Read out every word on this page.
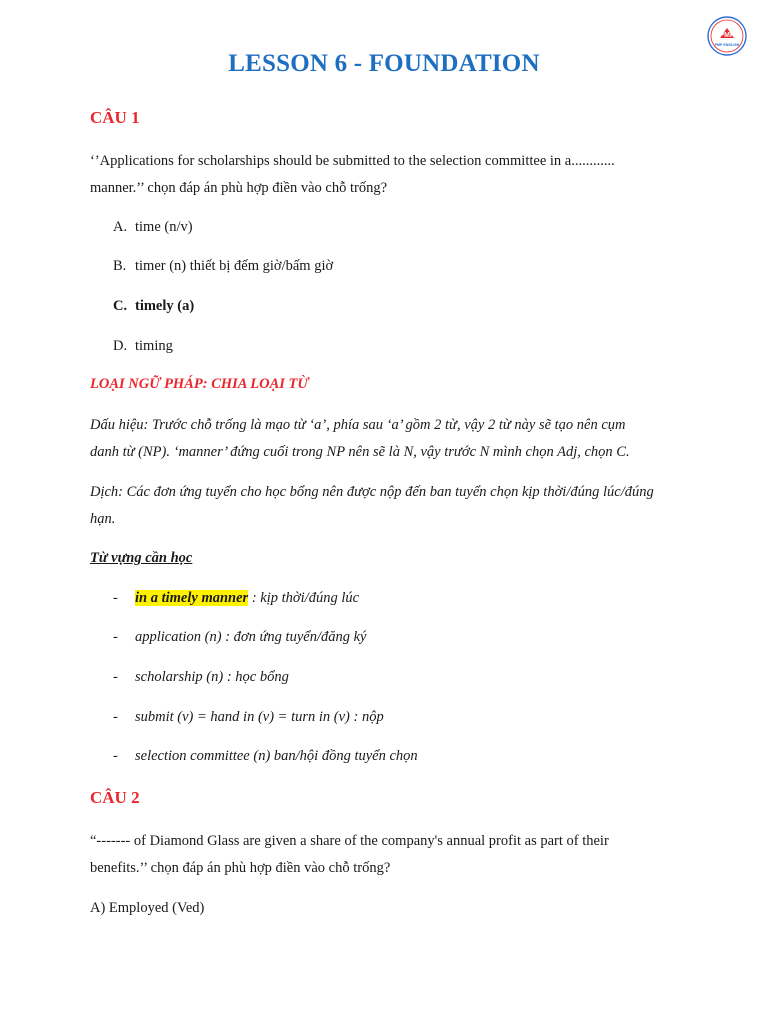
PMP
PMP ENGLISH
LESSON 6 - FOUNDATION
CÂU 1
‘’Applications for scholarships should be submitted to the selection committee in a............
manner.’’ chọn đáp án phù hợp điền vào chỗ trống?
A. time (n/v)
B. timer (n) thiết bị đếm giờ/bấm giờ
C. timely (a)
D. timing
LOẠI NGỮ PHÁP: CHIA LOẠI TỪ
Dấu hiệu: Trước chỗ trống là mạo từ ‘a’, phía sau ‘a’ gồm 2 từ, vậy 2 từ này sẽ tạo nên cụm
danh từ (NP). ‘manner’ đứng cuối trong NP nên sẽ là N, vậy trước N mình chọn Adj, chọn C.
Dịch: Các đơn ứng tuyển cho học bổng nên được nộp đến ban tuyển chọn kịp thời/đúng lúc/đúng
hạn.
Từ vựng cần học
- in a timely manner : kịp thời/đúng lúc
- application (n) : đơn ứng tuyển/đăng ký
- scholarship (n) : học bổng
- submit (v) = hand in (v) = turn in (v) : nộp
- selection committee (n) ban/hội đồng tuyển chọn
CÂU 2
“------- of Diamond Glass are given a share of the company's annual profit as part of their
benefits.’’ chọn đáp án phù hợp điền vào chỗ trống?
A) Employed (Ved)
